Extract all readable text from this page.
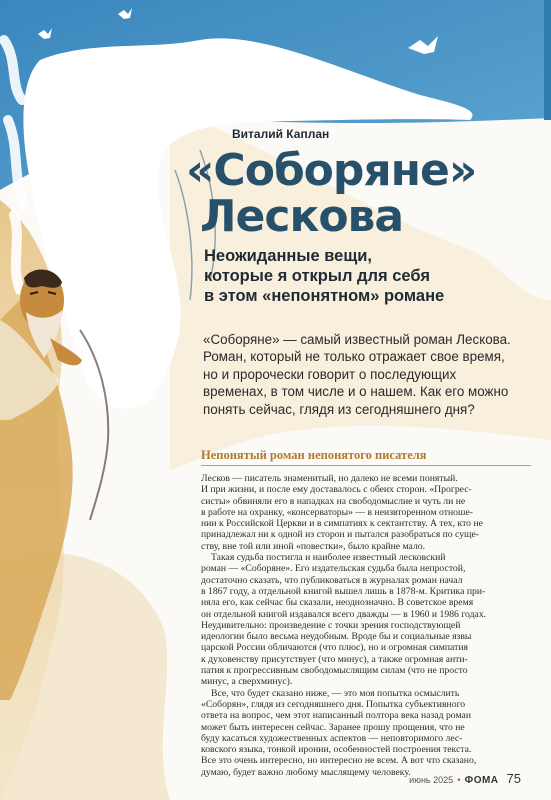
Виталий Каплан
«Соборяне»
Лескова
Неожиданные вещи,
которые я открыл для себя
в этом «непонятном» романе
«Соборяне» — самый известный роман Лескова.
Роман, который не только отражает свое время,
но и пророчески говорит о последующих
временах, в том числе и о нашем. Как его можно
понять сейчас, глядя из сегодняшнего дня?
Непонятый роман непонятого писателя
Лесков — писатель знаменитый, но далеко не всеми понятый.
И при жизни, и после ему доставалось с обеих сторон. «Прогрес-
систы» обвиняли его в нападках на свободомыслие и чуть ли не
в работе на охранку, «консерваторы» — в неизвторенном отноше-
нии к Российской Церкви и в симпатиях к сектантству. А тех, кто не
принадлежал ни к одной из сторон и пытался разобраться по суще-
ству, вне той или иной «повестки», было крайне мало.
Такая судьба постигла и наиболее известный лесковский
роман — «Соборяне». Его издательская судьба была непростой,
достаточно сказать, что публиковаться в журналах роман начал
в 1867 году, а отдельной книгой вышел лишь в 1878-м. Критика при-
няла его, как сейчас бы сказали, неоднозначно. В советское время
он отдельной книгой издавался всего дважды — в 1960 и 1986 годах.
Неудивительно: произведение с точки зрения господствующей
идеологии было весьма неудобным. Вроде бы и социальные язвы
царской России обличаются (что плюс), но и огромная симпатия
к духовенству присутствует (что минус), а также огромная анти-
патия к прогрессивным свободомыслящим силам (что не просто
минус, а сверхминус).
Все, что будет сказано ниже, — это моя попытка осмыслить
«Соборян», глядя из сегодняшнего дня. Попытка субъективного
ответа на вопрос, чем этот написанный полтора века назад роман
может быть интересен сейчас. Заранее прошу прощения, что не
буду касаться художественных аспектов — неповторимого лес-
ковского языка, тонкой иронии, особенностей построения текста.
Все это очень интересно, но интересно не всем. А вот что сказано,
думаю, будет важно любому мыслящему человеку.
июнь 2025 • ФОМА 75
